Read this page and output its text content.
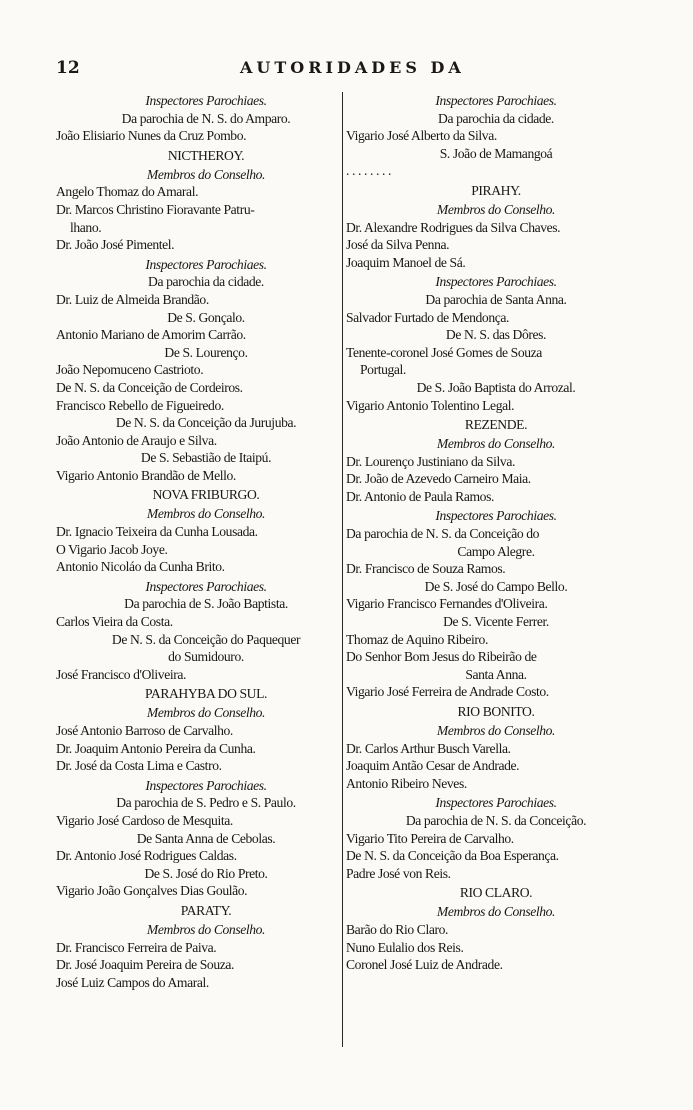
12	AUTORIDADES DA
Inspectores Parochiaes.
Da parochia de N. S. do Amparo.
João Elisiario Nunes da Cruz Pombo.
NICTHEROY.
Membros do Conselho.
Angelo Thomaz do Amaral.
Dr. Marcos Christino Fioravante Patru-
lhano.
Dr. João José Pimentel.
Inspectores Parochiaes.
Da parochia da cidade.
Dr. Luiz de Almeida Brandão.
De S. Gonçalo.
Antonio Mariano de Amorim Carrão.
De S. Lourenço.
João Nepomuceno Castrioto.
De N. S. da Conceição de Cordeiros.
Francisco Rebello de Figueiredo.
De N. S. da Conceição da Jurujuba.
João Antonio de Araujo e Silva.
De S. Sebastião de Itaipú.
Vigario Antonio Brandão de Mello.
NOVA FRIBURGO.
Membros do Conselho.
Dr. Ignacio Teixeira da Cunha Lousada.
O Vigario Jacob Joye.
Antonio Nicoláo da Cunha Brito.
Inspectores Parochiaes.
Da parochia de S. João Baptista.
Carlos Vieira da Costa.
De N. S. da Conceição do Paquequer
do Sumidouro.
José Francisco d'Oliveira.
PARAHYBA DO SUL.
Membros do Conselho.
José Antonio Barroso de Carvalho.
Dr. Joaquim Antonio Pereira da Cunha.
Dr. José da Costa Lima e Castro.
Inspectores Parochiaes.
Da parochia de S. Pedro e S. Paulo.
Vigario José Cardoso de Mesquita.
De Santa Anna de Cebolas.
Dr. Antonio José Rodrigues Caldas.
De S. José do Rio Preto.
Vigario João Gonçalves Dias Goulão.
PARATY.
Membros do Conselho.
Dr. Francisco Ferreira de Paiva.
Dr. José Joaquim Pereira de Souza.
José Luiz Campos do Amaral.
Inspectores Parochiaes.
Da parochia da cidade.
Vigario José Alberto da Silva.
S. João de Mamangoá
. . . . . . . .
PIRAHY.
Membros do Conselho.
Dr. Alexandre Rodrigues da Silva Chaves.
José da Silva Penna.
Joaquim Manoel de Sá.
Inspectores Parochiaes.
Da parochia de Santa Anna.
Salvador Furtado de Mendonça.
De N. S. das Dôres.
Tenente-coronel José Gomes de Souza
Portugal.
De S. João Baptista do Arrozal.
Vigario Antonio Tolentino Legal.
REZENDE.
Membros do Conselho.
Dr. Lourenço Justiniano da Silva.
Dr. João de Azevedo Carneiro Maia.
Dr. Antonio de Paula Ramos.
Inspectores Parochiaes.
Da parochia de N. S. da Conceição do
Campo Alegre.
Dr. Francisco de Souza Ramos.
De S. José do Campo Bello.
Vigario Francisco Fernandes d'Oliveira.
De S. Vicente Ferrer.
Thomaz de Aquino Ribeiro.
Do Senhor Bom Jesus do Ribeirão de
Santa Anna.
Vigario José Ferreira de Andrade Costo.
RIO BONITO.
Membros do Conselho.
Dr. Carlos Arthur Busch Varella.
Joaquim Antão Cesar de Andrade.
Antonio Ribeiro Neves.
Inspectores Parochiaes.
Da parochia de N. S. da Conceição.
Vigario Tito Pereira de Carvalho.
De N. S. da Conceição da Boa Esperança.
Padre José von Reis.
RIO CLARO.
Membros do Conselho.
Barão do Rio Claro.
Nuno Eulalio dos Reis.
Coronel José Luiz de Andrade.
